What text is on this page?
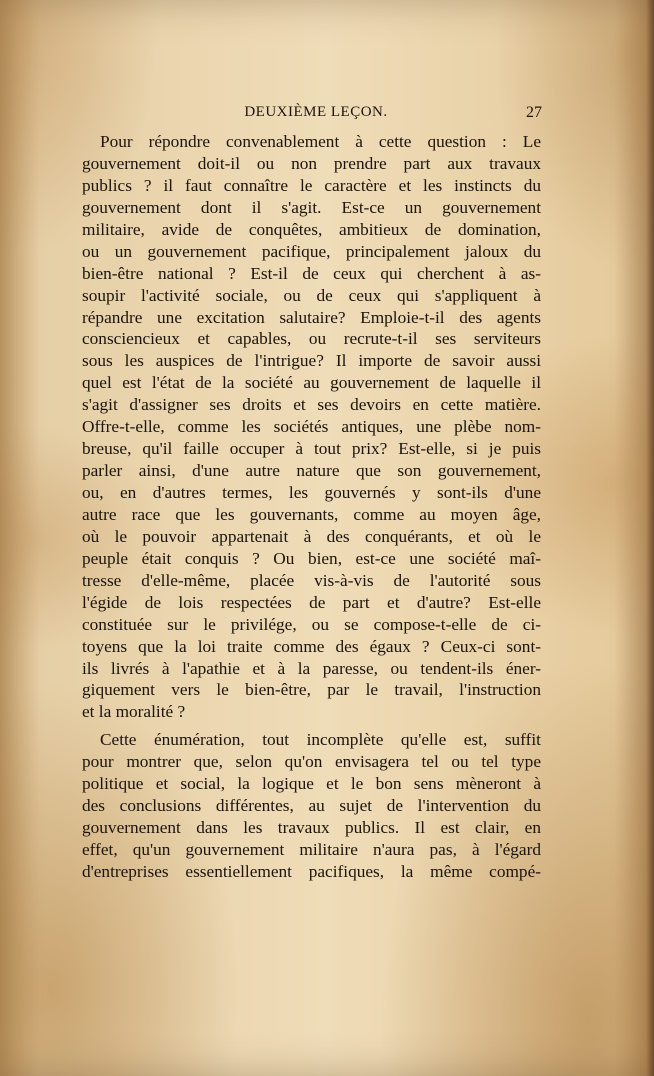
DEUXIÈME LEÇON.	27
Pour répondre convenablement à cette question : Le
gouvernement doit-il ou non prendre part aux travaux
publics ? il faut connaître le caractère et les instincts du
gouvernement dont il s'agit. Est-ce un gouvernement
militaire, avide de conquêtes, ambitieux de domination,
ou un gouvernement pacifique, principalement jaloux du
bien-être national ? Est-il de ceux qui cherchent à as-
soupir l'activité sociale, ou de ceux qui s'appliquent à
répandre une excitation salutaire? Emploie-t-il des agents
consciencieux et capables, ou recrute-t-il ses serviteurs
sous les auspices de l'intrigue? Il importe de savoir aussi
quel est l'état de la société au gouvernement de laquelle il
s'agit d'assigner ses droits et ses devoirs en cette matière.
Offre-t-elle, comme les sociétés antiques, une plèbe nom-
breuse, qu'il faille occuper à tout prix? Est-elle, si je puis
parler ainsi, d'une autre nature que son gouvernement,
ou, en d'autres termes, les gouvernés y sont-ils d'une
autre race que les gouvernants, comme au moyen âge,
où le pouvoir appartenait à des conquérants, et où le
peuple était conquis ? Ou bien, est-ce une société maî-
tresse d'elle-même, placée vis-à-vis de l'autorité sous
l'égide de lois respectées de part et d'autre? Est-elle
constituée sur le privilége, ou se compose-t-elle de ci-
toyens que la loi traite comme des égaux ? Ceux-ci sont-
ils livrés à l'apathie et à la paresse, ou tendent-ils éner-
giquement vers le bien-être, par le travail, l'instruction
et la moralité ?
Cette énumération, tout incomplète qu'elle est, suffit
pour montrer que, selon qu'on envisagera tel ou tel type
politique et social, la logique et le bon sens mèneront à
des conclusions différentes, au sujet de l'intervention du
gouvernement dans les travaux publics. Il est clair, en
effet, qu'un gouvernement militaire n'aura pas, à l'égard
d'entreprises essentiellement pacifiques, la même compé-
